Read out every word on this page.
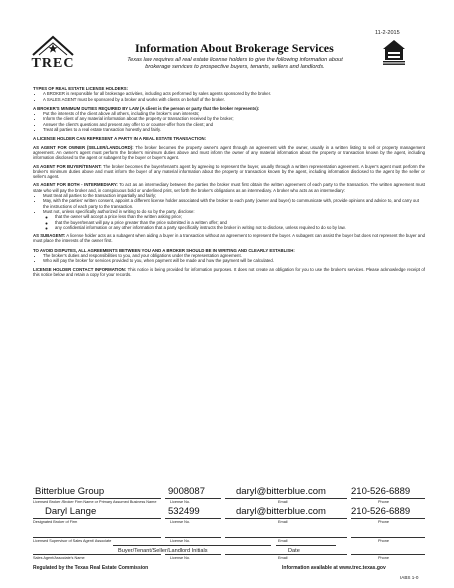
TREC
Information About Brokerage Services
Texas law requires all real estate license holders to give the following information about
brokerage services to prospective buyers, tenants, sellers and landlords.
11-2-2015
TYPES OF REAL ESTATE LICENSE HOLDERS:
• A BROKER is responsible for all brokerage activities, including acts performed by sales agents sponsored by the broker.
• A SALES AGENT must be sponsored by a broker and works with clients on behalf of the broker.
A BROKER'S MINIMUM DUTIES REQUIRED BY LAW (A client is the person or party that the broker represents):
• Put the interests of the client above all others, including the broker's own interests;
• Inform the client of any material information about the property or transaction received by the broker;
• Answer the client's questions and present any offer to or counter-offer from the client; and
• Treat all parties to a real estate transaction honestly and fairly.
A LICENSE HOLDER CAN REPRESENT A PARTY IN A REAL ESTATE TRANSACTION:

AS AGENT FOR OWNER (SELLER/LANDLORD): The broker becomes the property owner's agent through an agreement with the owner, usually in a written listing to sell or property management agreement. An owner's agent must perform the broker's minimum duties above and must inform the owner of any material information about the property or transaction known by the agent, including information disclosed to the agent or subagent by the buyer or buyer's agent.

AS AGENT FOR BUYER/TENANT: The broker becomes the buyer/tenant's agent by agreeing to represent the buyer, usually through a written representation agreement. A buyer's agent must perform the broker's minimum duties above and must inform the buyer of any material information about the property or transaction known by the agent, including information disclosed to the agent by the seller or seller's agent.

AS AGENT FOR BOTH - INTERMEDIARY: To act as an intermediary between the parties the broker must first obtain the written agreement of each party to the transaction. The written agreement must state who will pay the broker and, in conspicuous bold or underlined print, set forth the broker's obligations as an intermediary. A broker who acts as an intermediary:

• Must treat all parties to the transaction impartially and fairly;
• May, with the parties' written consent, appoint a different license holder associated with the broker to each party (owner and buyer) to communicate with, provide opinions and advice to, and carry out the instructions of each party to the transaction.
• Must not, unless specifically authorized in writing to do so by the party, disclose:
◦ that the owner will accept a price less than the written asking price;
◦ that the buyer/tenant will pay a price greater than the price submitted in a written offer; and
◦ any confidential information or any other information that a party specifically instructs the broker in writing not to disclose, unless required to do so by law.

AS SUBAGENT: A license holder acts as a subagent when aiding a buyer in a transaction without an agreement to represent the buyer. A subagent can assist the buyer but does not represent the buyer and must place the interests of the owner first.

TO AVOID DISPUTES, ALL AGREEMENTS BETWEEN YOU AND A BROKER SHOULD BE IN WRITING AND CLEARLY ESTABLISH:
• The broker's duties and responsibilities to you, and your obligations under the representation agreement.
• Who will pay the broker for services provided to you, when payment will be made and how the payment will be calculated.

LICENSE HOLDER CONTACT INFORMATION: This notice is being provided for information purposes. It does not create an obligation for you to use the broker's services. Please acknowledge receipt of this notice below and retain a copy for your records.

Bitterblue Group	9008087	daryl@bitterblue.com	210-526-6889
Licensed Broker /Broker Firm Name or Primary Assumed Business Name	License No.	Email	Phone
Daryl Lange	532499	daryl@bitterblue.com	210-526-6889
Designated Broker of Firm	License No.	Email	Phone
Licensed Supervisor of Sales Agent/ Associate	License No.	Email	Phone
Sales Agent/Associate's Name	License No.	Email	Phone
Buyer/Tenant/Seller/Landlord Initials	Date
Regulated by the Texas Real Estate Commission	Information available at www.trec.texas.gov
IABS 1-0
